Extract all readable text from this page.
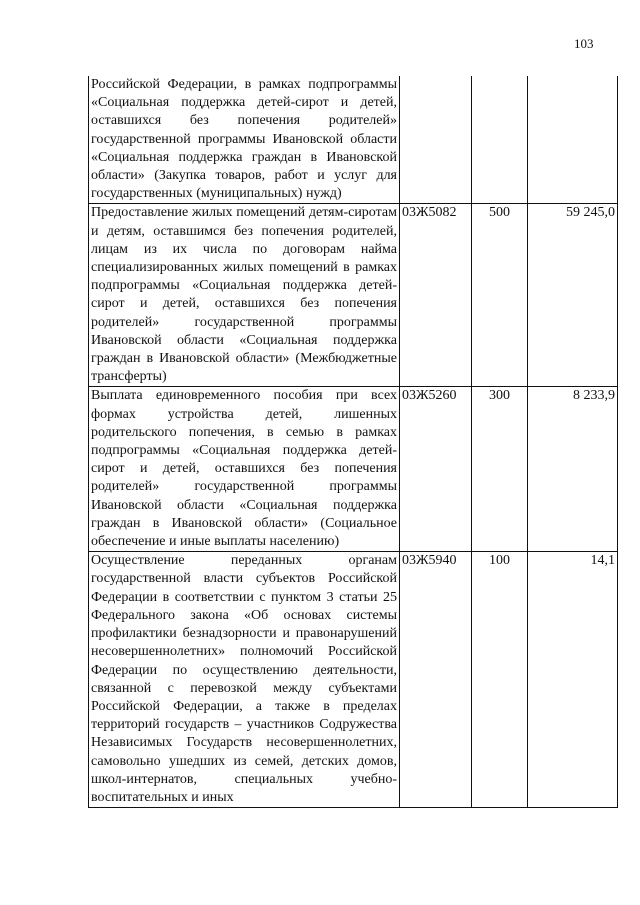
103
Российской Федерации, в рамках подпрограммы «Социальная поддержка детей-сирот и детей, оставшихся без попечения родителей» государственной программы Ивановской области «Социальная поддержка граждан в Ивановской области» (Закупка товаров, работ и услуг для государственных (муниципальных) нужд)			

Предоставление жилых помещений детям-сиротам и детям, оставшимся без попечения родителей, лицам из их числа по договорам найма специализированных жилых помещений в рамках подпрограммы «Социальная поддержка детей-сирот и детей, оставшихся без попечения родителей» государственной программы Ивановской области «Социальная поддержка граждан в Ивановской области» (Межбюджетные трансферты)	03Ж5082	500	59 245,0

Выплата единовременного пособия при всех формах устройства детей, лишенных родительского попечения, в семью в рамках подпрограммы «Социальная поддержка детей-сирот и детей, оставшихся без попечения родителей» государственной программы Ивановской области «Социальная поддержка граждан в Ивановской области» (Социальное обеспечение и иные выплаты населению)	03Ж5260	300	8 233,9

Осуществление переданных органам государственной власти субъектов Российской Федерации в соответствии с пунктом 3 статьи 25 Федерального закона «Об основах системы профилактики безнадзорности и правонарушений несовершеннолетних» полномочий Российской Федерации по осуществлению деятельности, связанной с перевозкой между субъектами Российской Федерации, а также в пределах территорий государств – участников Содружества Независимых Государств несовершеннолетних, самовольно ушедших из семей, детских домов, школ-интернатов, специальных учебно-воспитательных и иных	03Ж5940	100	14,1
